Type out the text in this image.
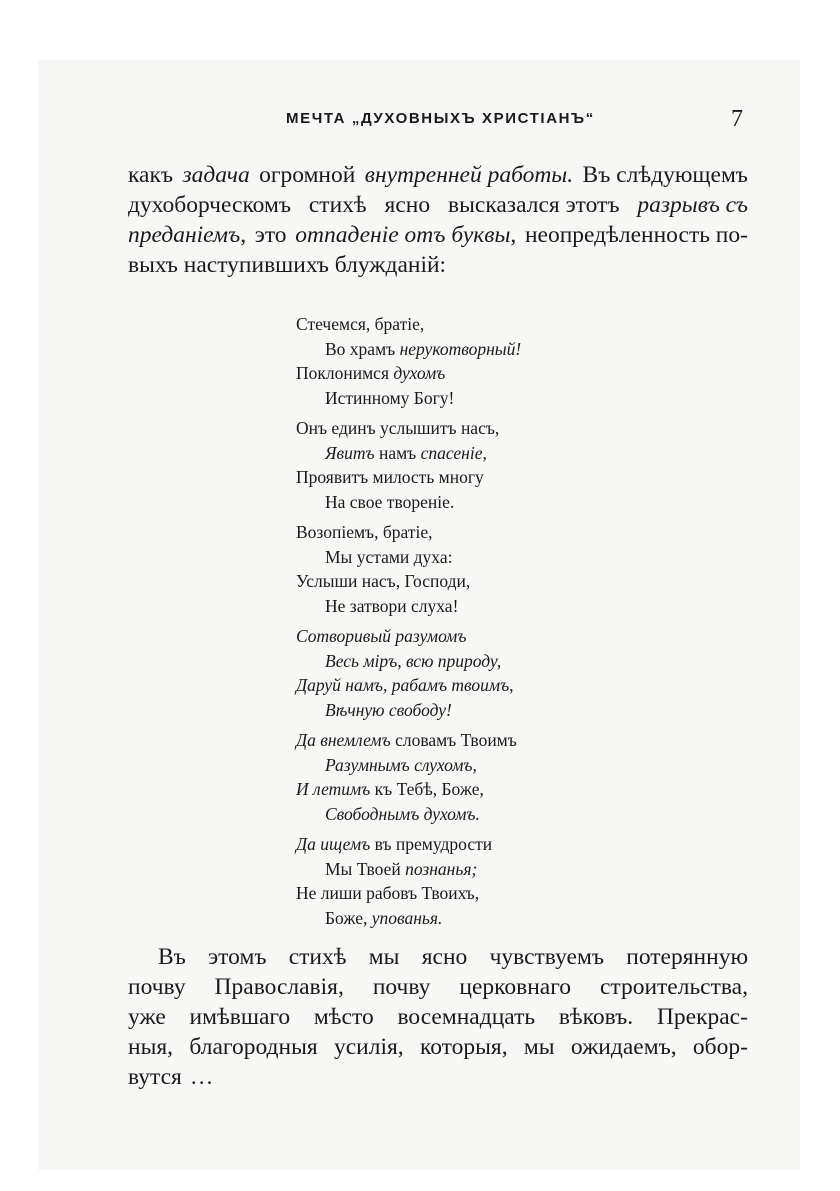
МЕЧТА „ДУХОВНЫХЪ ХРИСТІАНЪ“	7
какъ задача огромной внутренней работы. Въ слѣдующемъ
духоборческомъ стихѣ ясно высказался этотъ разрывъ съ
преданіемъ, это отпаденіе отъ буквы, неопредѣленность по-
выхъ наступившихъ блужданій:
Стечемся, братіе,
Во храмъ нерукотворный!
Поклонимся духомъ
Истинному Богу!
Онъ единъ услышитъ насъ,
Явитъ намъ спасеніе,
Проявитъ милость многу
На свое твореніе.
Возопіемъ, братіе,
Мы устами духа:
Услыши насъ, Господи,
Не затвори слуха!
Сотворивый разумомъ
Весь міръ, всю природу,
Даруй намъ, рабамъ твоимъ,
Вѣчную свободу!
Да внемлемъ словамъ Твоимъ
Разумнымъ слухомъ,
И летимъ къ Тебѣ, Боже,
Свободнымъ духомъ.
Да ищемъ въ премудрости
Мы Твоей познанья;
Не лиши рабовъ Твоихъ,
Боже, упованья.
Въ этомъ стихѣ мы ясно чувствуемъ потерянную
почву Православія, почву церковнаго строительства,
уже имѣвшаго мѣсто восемнадцать вѣковъ. Прекрас-
ныя, благородныя усилія, которыя, мы ожидаемъ, обор-
вутся …
